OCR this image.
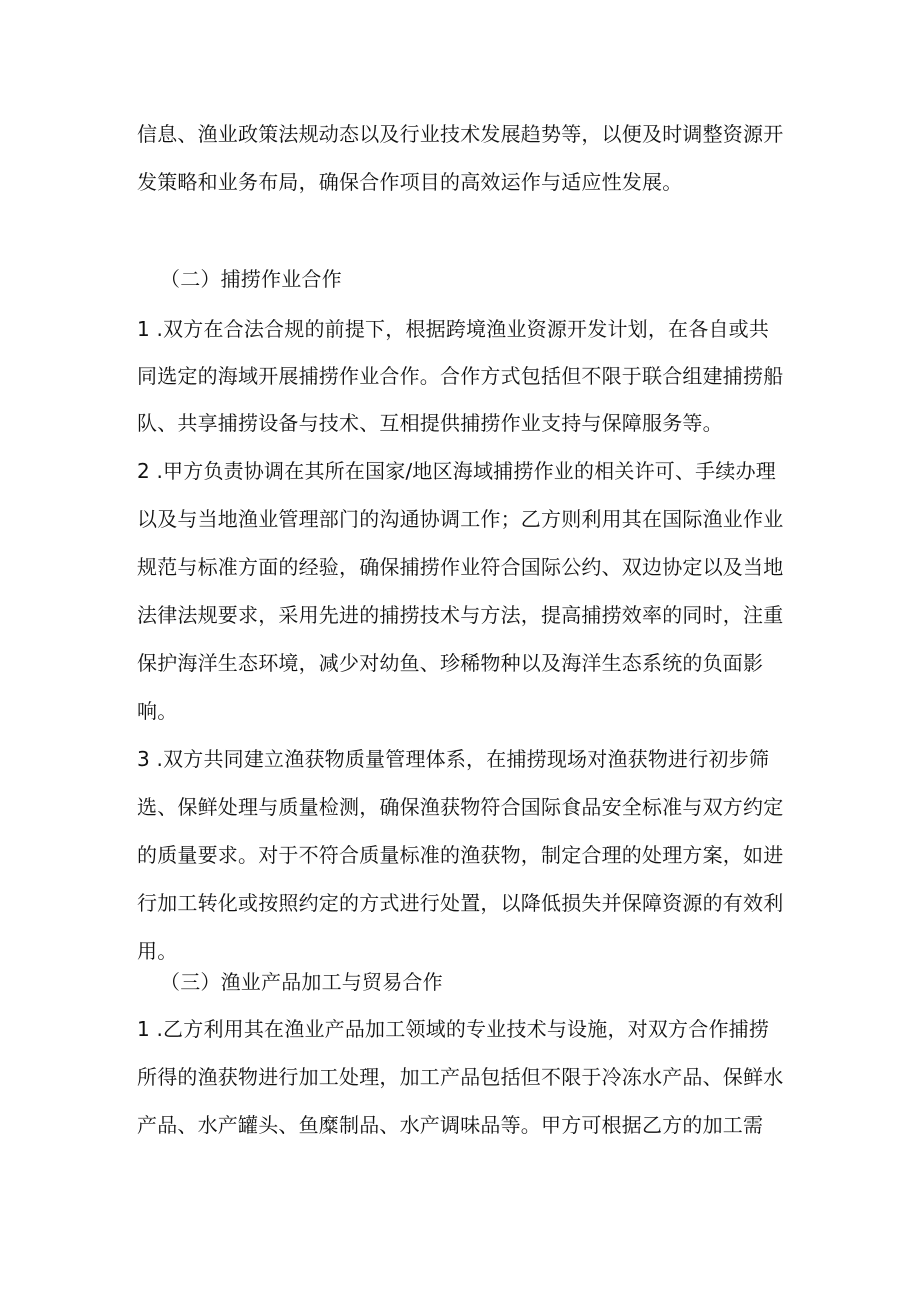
信息、渔业政策法规动态以及行业技术发展趋势等，以便及时调整资源开
发策略和业务布局，确保合作项目的高效运作与适应性发展。
（二）捕捞作业合作
1 .双方在合法合规的前提下，根据跨境渔业资源开发计划，在各自或共
同选定的海域开展捕捞作业合作。合作方式包括但不限于联合组建捕捞船
队、共享捕捞设备与技术、互相提供捕捞作业支持与保障服务等。
2 .甲方负责协调在其所在国家/地区海域捕捞作业的相关许可、手续办理
以及与当地渔业管理部门的沟通协调工作；乙方则利用其在国际渔业作业
规范与标准方面的经验，确保捕捞作业符合国际公约、双边协定以及当地
法律法规要求，采用先进的捕捞技术与方法，提高捕捞效率的同时，注重
保护海洋生态环境，减少对幼鱼、珍稀物种以及海洋生态系统的负面影
响。
3 .双方共同建立渔获物质量管理体系，在捕捞现场对渔获物进行初步筛
选、保鲜处理与质量检测，确保渔获物符合国际食品安全标准与双方约定
的质量要求。对于不符合质量标准的渔获物，制定合理的处理方案，如进
行加工转化或按照约定的方式进行处置，以降低损失并保障资源的有效利
用。
（三）渔业产品加工与贸易合作
1 .乙方利用其在渔业产品加工领域的专业技术与设施，对双方合作捕捞
所得的渔获物进行加工处理，加工产品包括但不限于冷冻水产品、保鲜水
产品、水产罐头、鱼糜制品、水产调味品等。甲方可根据乙方的加工需
